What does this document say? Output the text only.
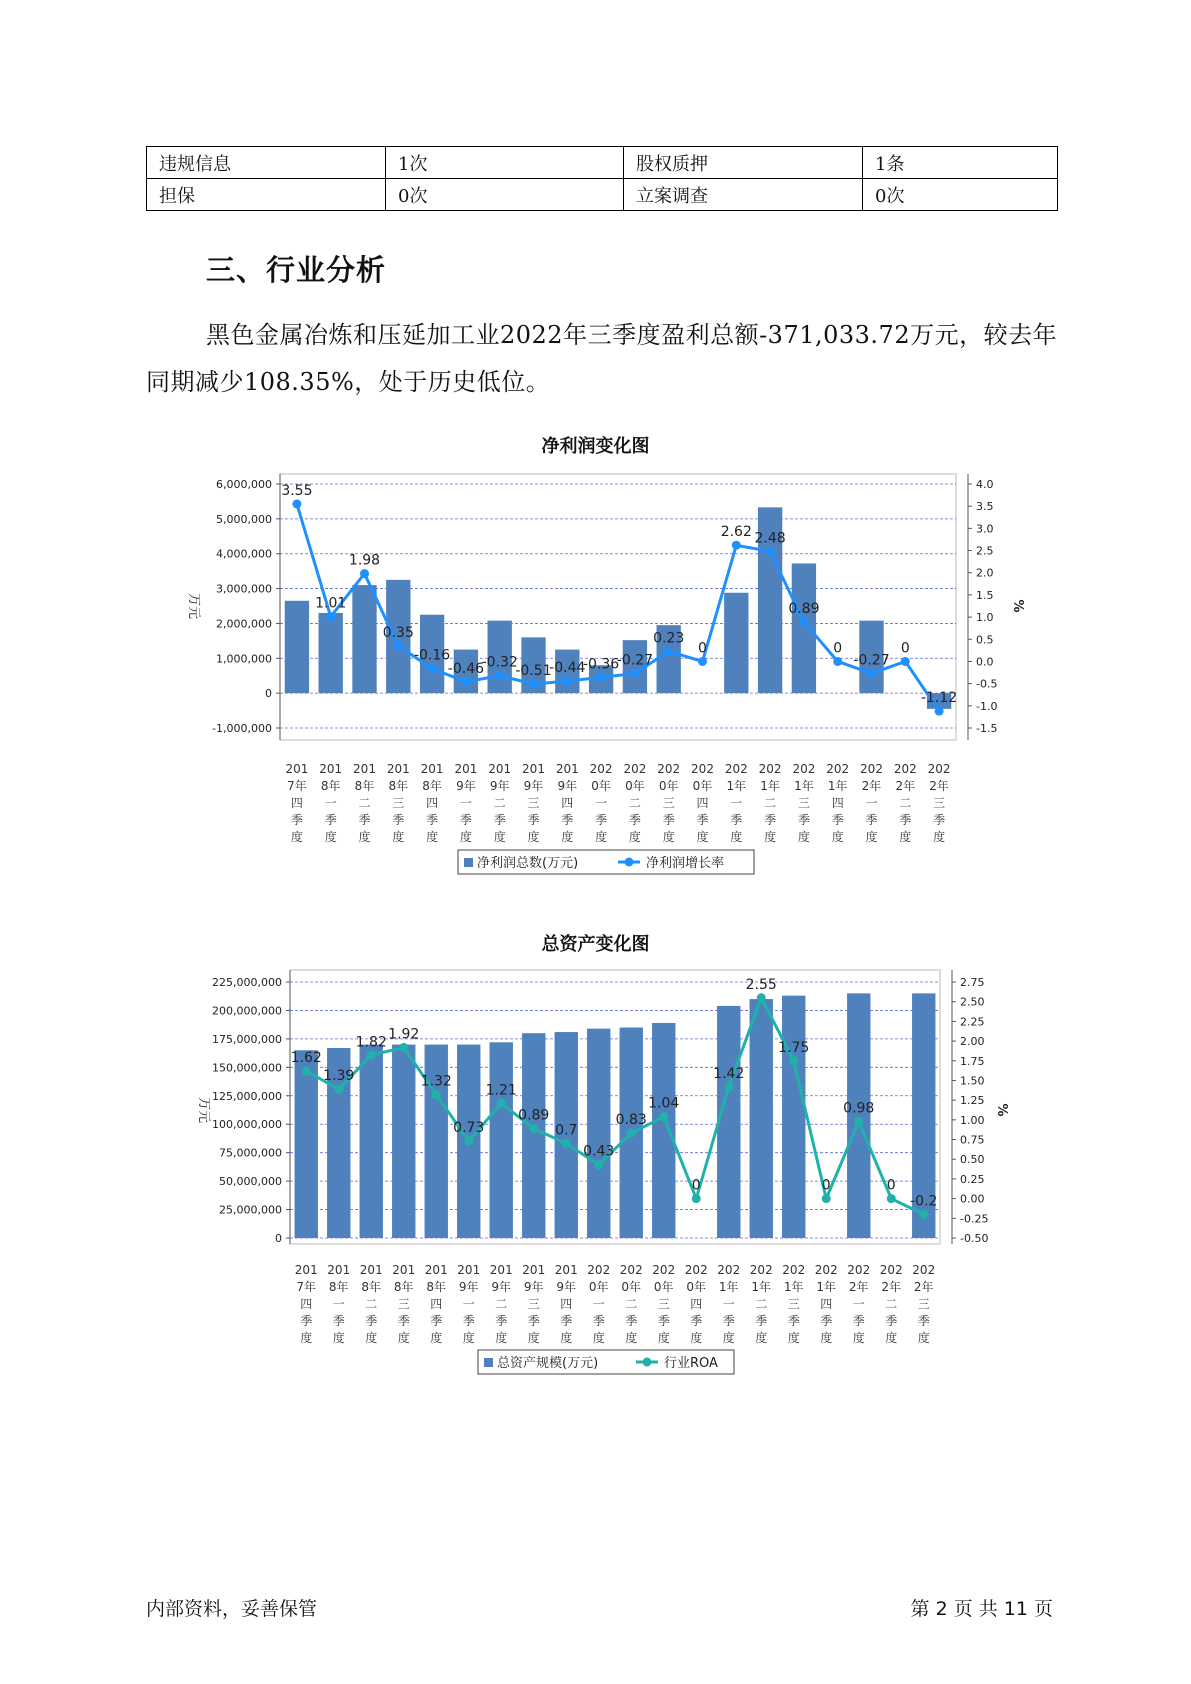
违规信息	1次	股权质押	1条
担保	0次	立案调查	0次
三、行业分析
黑色金属冶炼和压延加工业2022年三季度盈利总额-371,033.72万元，较去年同期减少108.35%，处于历史低位。
净利润变化图
6,000,000
5,000,000
4,000,000
3,000,000
2,000,000
1,000,000
0
-1,000,000
4.0
3.5
3.0
2.5
2.0
1.5
1.0
0.5
0.0
-0.5
-1.0
-1.5
万元	%
3.55
1.01
1.98
0.35
-0.16
-0.46
-0.32
-0.51
-0.44
-0.36
-0.27
0.23
0
2.62 2.48
0.89
0
-0.27
0
-1.12
201
7年
四
季
度
201
8年
一
季
度
201
8年
二
季
度
201
8年
三
季
度
201
8年
四
季
度
201
9年
一
季
度
201
9年
二
季
度
201
9年
三
季
度
201
9年
四
季
度
202
0年
一
季
度
202
0年
二
季
度
202
0年
三
季
度
202
0年
四
季
度
202
1年
一
季
度
202
1年
二
季
度
202
1年
三
季
度
202
1年
四
季
度
202
2年
一
季
度
202
2年
二
季
度
202
2年
三
季
度
净利润总数(万元)	净利润增长率
总资产变化图
225,000,000
200,000,000
175,000,000
150,000,000
125,000,000
100,000,000
75,000,000
50,000,000
25,000,000
0
2.75
2.50
2.25
2.00
1.75
1.50
1.25
1.00
0.75
0.50
0.25
0.00
-0.25
-0.50
万元	%
1.62
1.39
1.82 1.92
1.32
0.73
1.21
0.89
0.7
0.43
0.83
1.04
0
1.42
2.55
1.75
0
0.98
0
-0.2
201
7年
四
季
度
201
8年
一
季
度
201
8年
二
季
度
201
8年
三
季
度
201
8年
四
季
度
201
9年
一
季
度
201
9年
二
季
度
201
9年
三
季
度
201
9年
四
季
度
202
0年
一
季
度
202
0年
二
季
度
202
0年
三
季
度
202
0年
四
季
度
202
1年
一
季
度
202
1年
二
季
度
202
1年
三
季
度
202
1年
四
季
度
202
2年
一
季
度
202
2年
二
季
度
202
2年
三
季
度
总资产规模(万元)	行业ROA
内部资料，妥善保管	第 2 页 共 11 页
